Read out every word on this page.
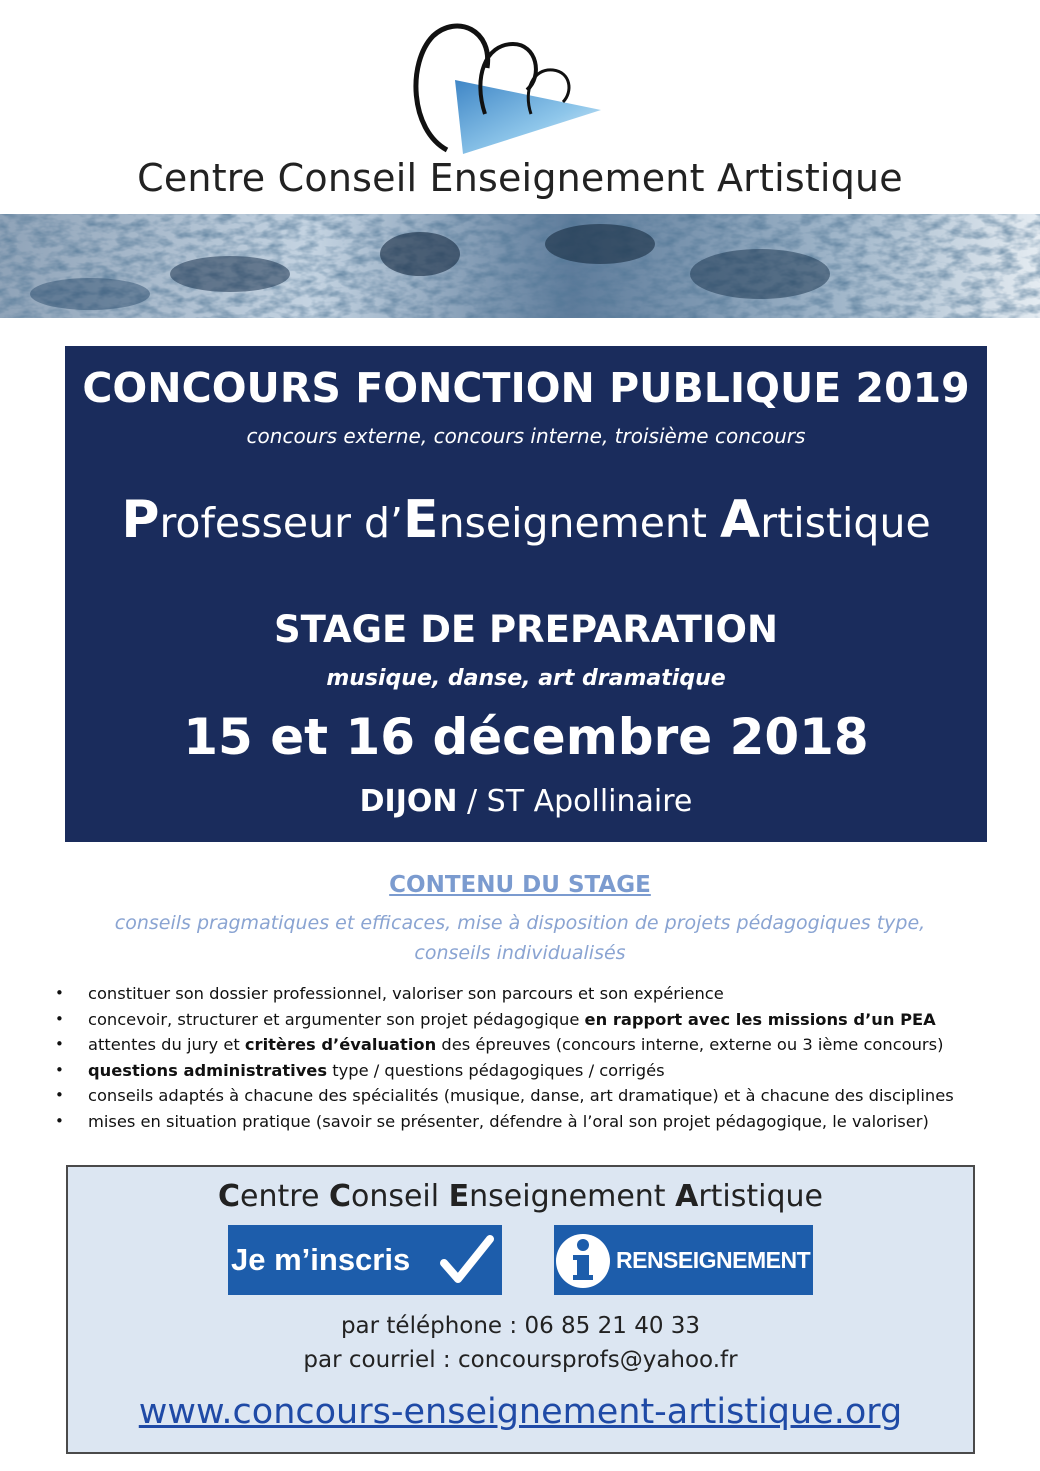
Centre Conseil Enseignement Artistique
CONCOURS FONCTION PUBLIQUE 2019
concours externe, concours interne, troisième concours
Professeur d’Enseignement Artistique
STAGE DE PREPARATION
musique, danse, art dramatique
15 et 16 décembre 2018
DIJON / ST Apollinaire
CONTENU DU STAGE
conseils pragmatiques et efficaces, mise à disposition de projets pédagogiques type,
conseils individualisés
• constituer son dossier professionnel, valoriser son parcours et son expérience
• concevoir, structurer et argumenter son projet pédagogique en rapport avec les missions d’un PEA
• attentes du jury et critères d’évaluation des épreuves (concours interne, externe ou 3 ième concours)
• questions administratives type / questions pédagogiques / corrigés
• conseils adaptés à chacune des spécialités (musique, danse, art dramatique) et à chacune des disciplines
• mises en situation pratique (savoir se présenter, défendre à l’oral son projet pédagogique, le valoriser)
Centre Conseil Enseignement Artistique
Je m’inscris	RENSEIGNEMENT
par téléphone : 06 85 21 40 33
par courriel : concoursprofs@yahoo.fr
www.concours-enseignement-artistique.org
